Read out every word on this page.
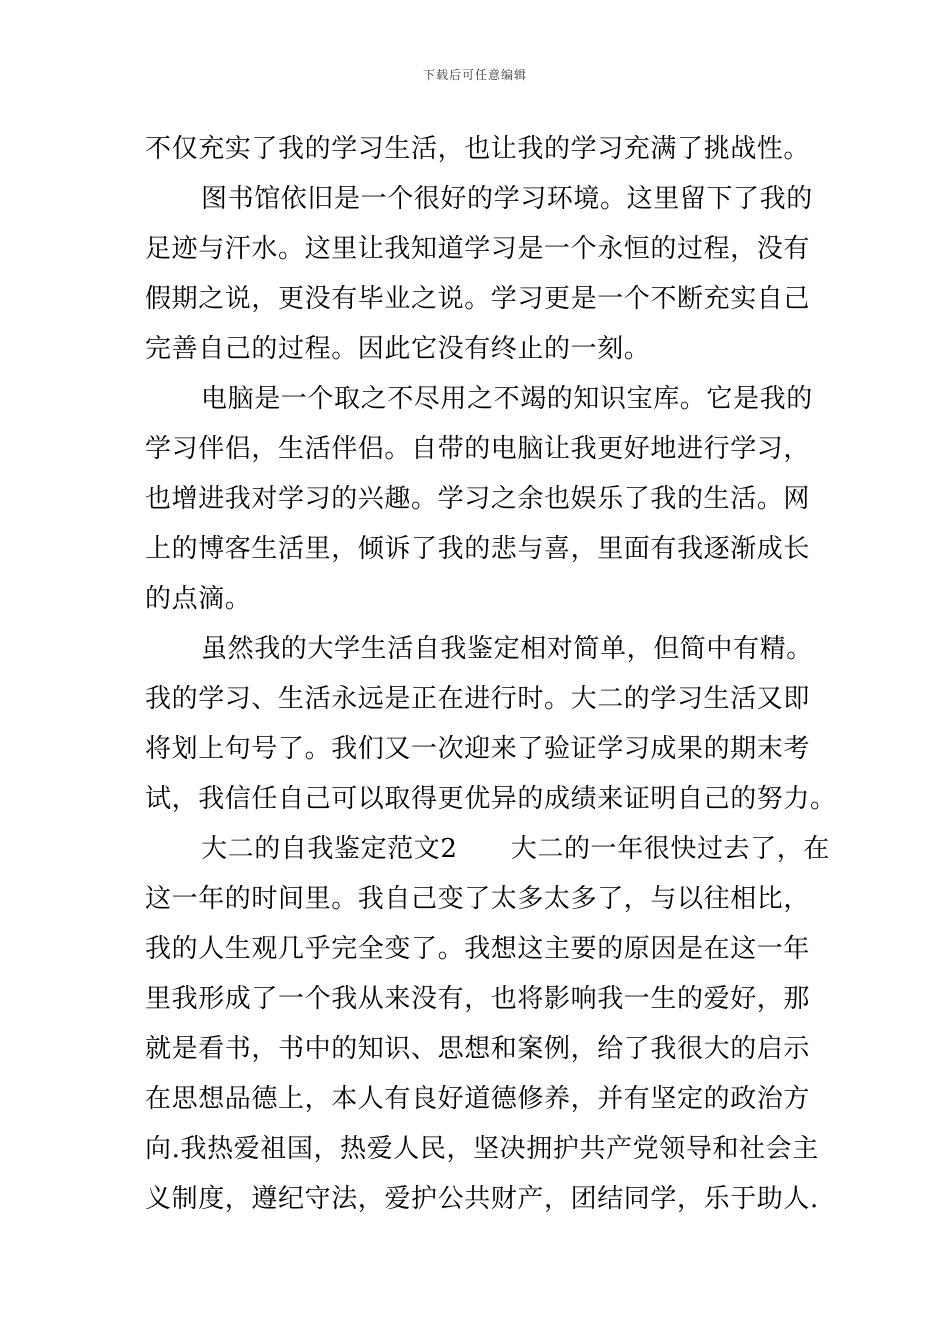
下载后可任意编辑
不仅充实了我的学习生活，也让我的学习充满了挑战性。
图书馆依旧是一个很好的学习环境。这里留下了我的
足迹与汗水。这里让我知道学习是一个永恒的过程，没有
假期之说，更没有毕业之说。学习更是一个不断充实自己
完善自己的过程。因此它没有终止的一刻。
电脑是一个取之不尽用之不竭的知识宝库。它是我的
学习伴侣，生活伴侣。自带的电脑让我更好地进行学习，
也增进我对学习的兴趣。学习之余也娱乐了我的生活。网
上的博客生活里，倾诉了我的悲与喜，里面有我逐渐成长
的点滴。
虽然我的大学生活自我鉴定相对简单，但简中有精。
我的学习、生活永远是正在进行时。大二的学习生活又即
将划上句号了。我们又一次迎来了验证学习成果的期末考
试，我信任自己可以取得更优异的成绩来证明自己的努力。
大二的自我鉴定范文2　　大二的一年很快过去了，在
这一年的时间里。我自己变了太多太多了，与以往相比，
我的人生观几乎完全变了。我想这主要的原因是在这一年
里我形成了一个我从来没有，也将影响我一生的爱好，那
就是看书，书中的知识、思想和案例，给了我很大的启示
在思想品德上，本人有良好道德修养，并有坚定的政治方
向.我热爱祖国，热爱人民，坚决拥护共产党领导和社会主
义制度，遵纪守法，爱护公共财产，团结同学，乐于助人.
